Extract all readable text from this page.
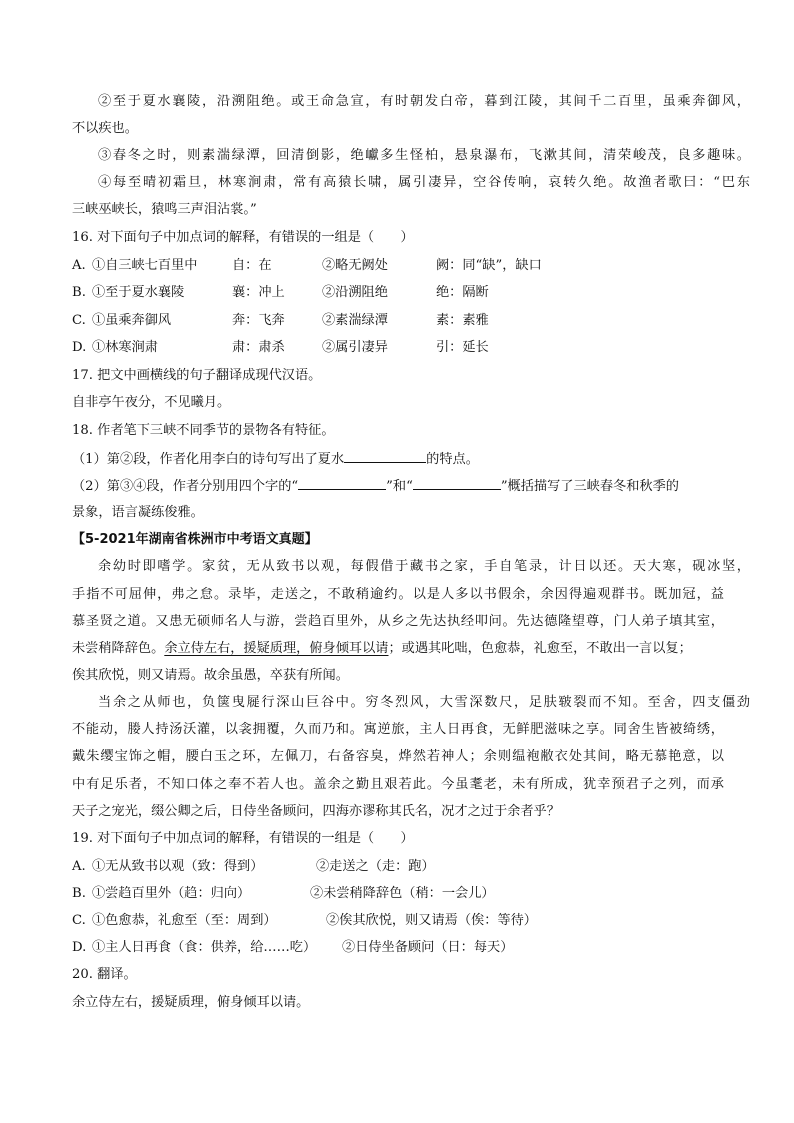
②至于夏水襄陵，沿溯阻绝。或王命急宣，有时朝发白帝，暮到江陵，其间千二百里，虽乘奔御风，
不以疾也。
③春冬之时，则素湍绿潭，回清倒影，绝巘多生怪柏，悬泉瀑布，飞漱其间，清荣峻茂，良多趣味。
④每至晴初霜旦，林寒涧肃，常有高猿长啸，属引凄异，空谷传响，哀转久绝。故渔者歌曰：“巴东
三峡巫峡长，猿鸣三声泪沾裳。”
16. 对下面句子中加点词的解释，有错误的一组是（　　）
A. ①自三峡七百里中	自：在	②略无阙处	阙：同“缺”，缺口
B. ①至于夏水襄陵	襄：冲上	②沿溯阻绝	绝：隔断
C. ①虽乘奔御风	奔：飞奔	②素湍绿潭	素：素雅
D. ①林寒涧肃	肃：肃杀	②属引凄异	引：延长
17. 把文中画横线的句子翻译成现代汉语。
自非亭午夜分，不见曦月。
18. 作者笔下三峡不同季节的景物各有特征。
（1）第②段，作者化用李白的诗句写出了夏水	的特点。
（2）第③④段，作者分别用四个字的“	”和“	”概括描写了三峡春冬和秋季的
景象，语言凝练俊雅。
【5-2021年湖南省株洲市中考语文真题】
余幼时即嗜学。家贫，无从致书以观，每假借于藏书之家，手自笔录，计日以还。天大寒，砚冰坚，
手指不可屈伸，弗之怠。录毕，走送之，不敢稍逾约。以是人多以书假余，余因得遍观群书。既加冠，益
慕圣贤之道。又患无硕师名人与游，尝趋百里外，从乡之先达执经叩问。先达德隆望尊，门人弟子填其室，
未尝稍降辞色。余立侍左右，援疑质理，俯身倾耳以请；或遇其叱咄，色愈恭，礼愈至，不敢出一言以复；
俟其欣悦，则又请焉。故余虽愚，卒获有所闻。
当余之从师也，负箧曳屣行深山巨谷中。穷冬烈风，大雪深数尺，足肤皲裂而不知。至舍，四支僵劲
不能动，媵人持汤沃灌，以衾拥覆，久而乃和。寓逆旅，主人日再食，无鲜肥滋味之享。同舍生皆被绮绣，
戴朱缨宝饰之帽，腰白玉之环，左佩刀，右备容臭，烨然若神人；余则缊袍敝衣处其间，略无慕艳意，以
中有足乐者，不知口体之奉不若人也。盖余之勤且艰若此。今虽耄老，未有所成，犹幸预君子之列，而承
天子之宠光，缀公卿之后，日侍坐备顾问，四海亦谬称其氏名，况才之过于余者乎？
19. 对下面句子中加点词的解释，有错误的一组是（　　）
A. ①无从致书以观（致：得到）	②走送之（走：跑）
B. ①尝趋百里外（趋：归向）	②未尝稍降辞色（稍：一会儿）
C. ①色愈恭，礼愈至（至：周到）	②俟其欣悦，则又请焉（俟：等待）
D. ①主人日再食（食：供养，给……吃） ②日侍坐备顾问（日：每天）
20. 翻译。
余立侍左右，援疑质理，俯身倾耳以请。
